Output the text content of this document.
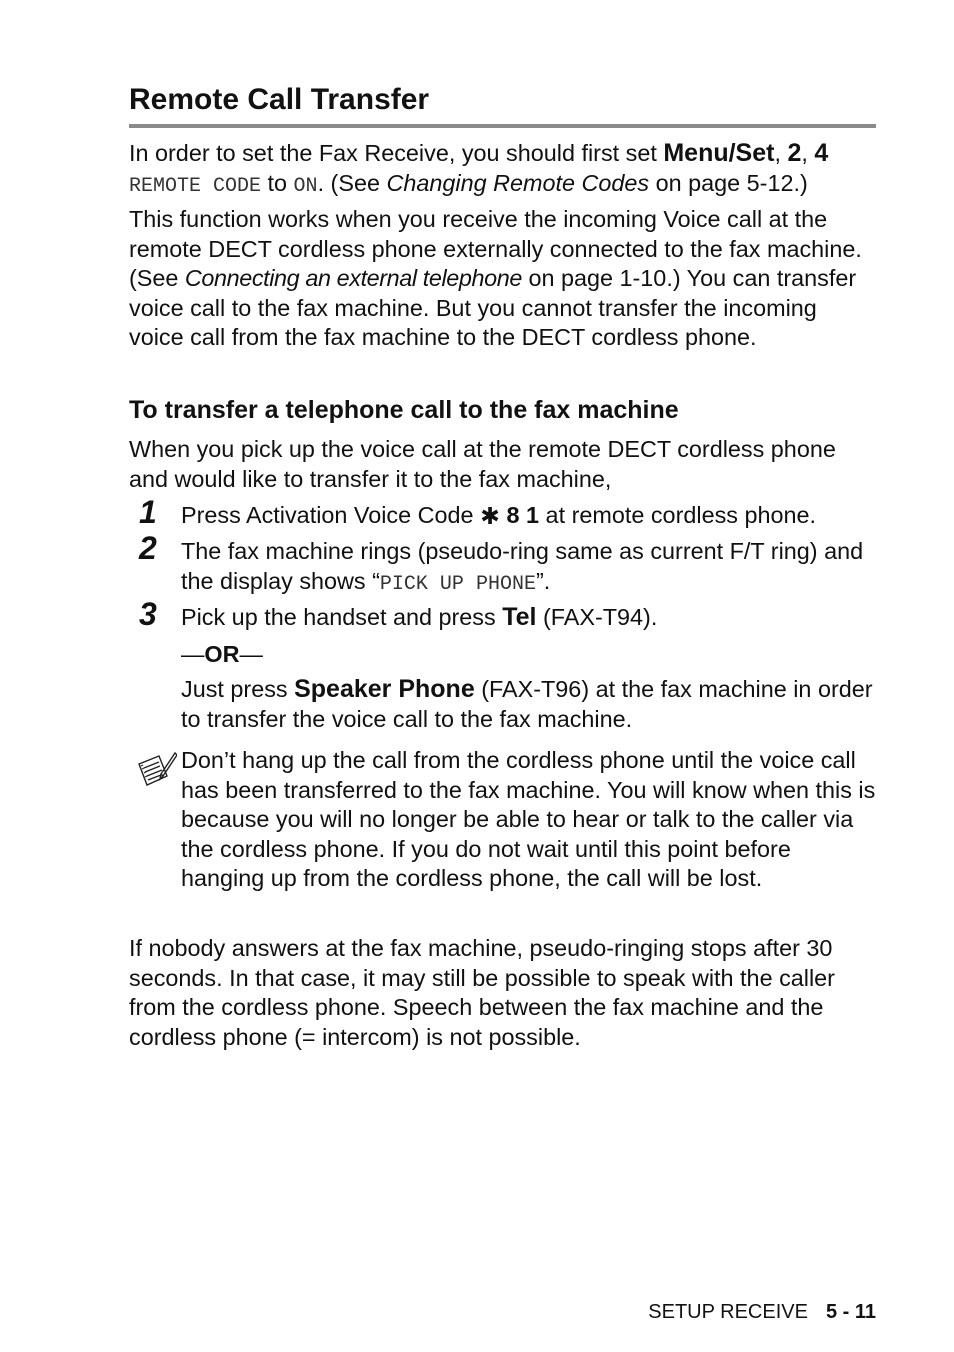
Remote Call Transfer

In order to set the Fax Receive, you should first set Menu/Set, 2, 4
REMOTE CODE to ON. (See Changing Remote Codes on page 5-12.)

This function works when you receive the incoming Voice call at the remote DECT cordless phone externally connected to the fax machine. (See Connecting an external telephone on page 1-10.) You can transfer voice call to the fax machine. But you cannot transfer the incoming voice call from the fax machine to the DECT cordless phone.

To transfer a telephone call to the fax machine

When you pick up the voice call at the remote DECT cordless phone and would like to transfer it to the fax machine,

1 Press Activation Voice Code ✱ 8 1 at remote cordless phone.
2 The fax machine rings (pseudo-ring same as current F/T ring) and the display shows “PICK UP PHONE”.
3 Pick up the handset and press Tel (FAX-T94).
—OR—
Just press Speaker Phone (FAX-T96) at the fax machine in order to transfer the voice call to the fax machine.

Don’t hang up the call from the cordless phone until the voice call has been transferred to the fax machine. You will know when this is because you will no longer be able to hear or talk to the caller via the cordless phone. If you do not wait until this point before hanging up from the cordless phone, the call will be lost.

If nobody answers at the fax machine, pseudo-ringing stops after 30 seconds. In that case, it may still be possible to speak with the caller from the cordless phone. Speech between the fax machine and the cordless phone (= intercom) is not possible.

SETUP RECEIVE 5 - 11
